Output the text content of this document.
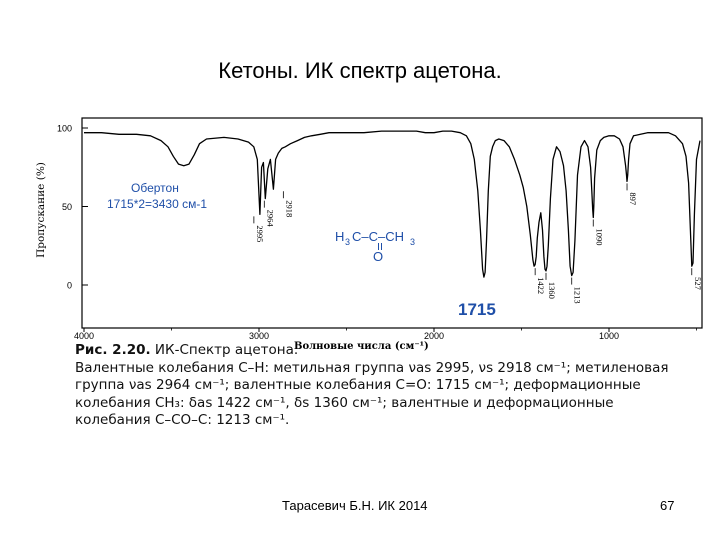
Кетоны. ИК спектр ацетона.
4000	3000	2000	1000
100
50
0
Волновые числа (см⁻¹)
Пропускание (%)	2918
2964
2995
1422 1360 1213
1090
897
527
Обертон
1715*2=3430 см-1
H 3 C–C–CH 3
O
1715
Рис. 2.20. ИК-Спектр ацетона.
Валентные колебания С–Н: метильная группа νas 2995, νs 2918 см⁻¹; метиленовая
группа νas 2964 см⁻¹; валентные колебания С=О: 1715 см⁻¹; деформационные
колебания СН₃: δas 1422 см⁻¹, δs 1360 см⁻¹; валентные и деформационные
колебания С–СО–С: 1213 см⁻¹.
Тарасевич Б.Н. ИК 2014	67
